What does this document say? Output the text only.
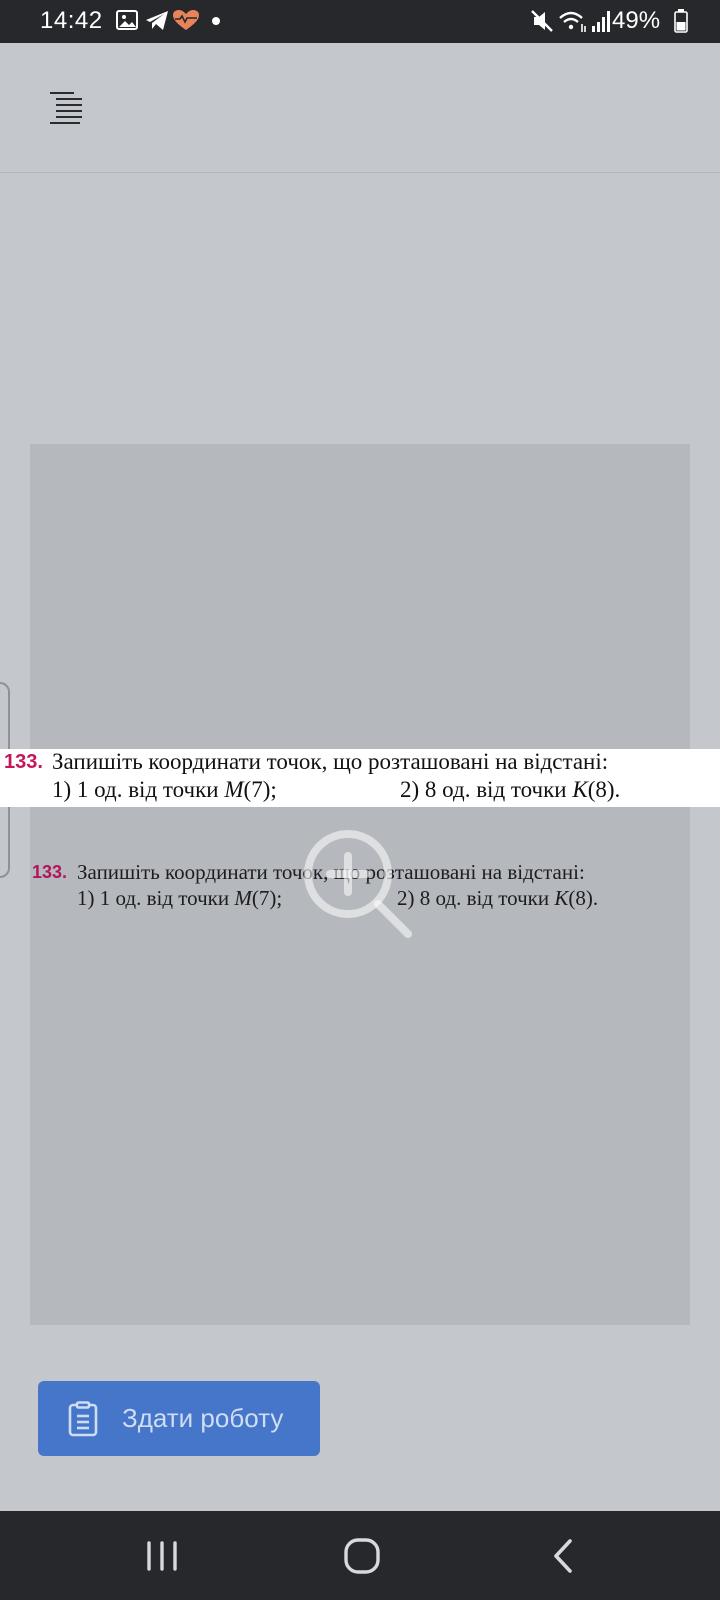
14:42	49%
133. Запишіть координати точок, що розташовані на відстані:
1) 1 од. від точки M(7);	2) 8 од. від точки K(8).
133. Запишіть координати точок, що розташовані на відстані:
1) 1 од. від точки M(7);	2) 8 од. від точки K(8).
Здати роботу
